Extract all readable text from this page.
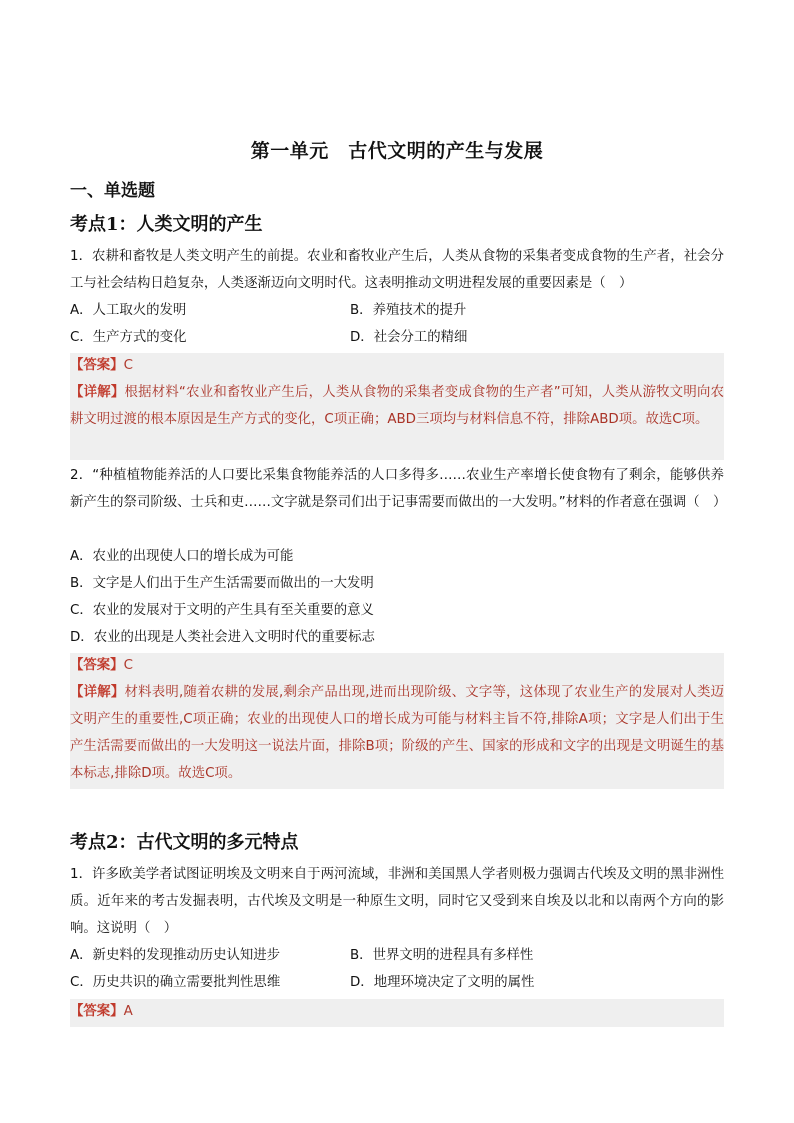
第一单元　古代文明的产生与发展
一、单选题
考点1：人类文明的产生
1．农耕和畜牧是人类文明产生的前提。农业和畜牧业产生后，人类从食物的采集者变成食物的生产者，社会分工与社会结构日趋复杂，人类逐渐迈向文明时代。这表明推动文明进程发展的重要因素是（　）
A．人工取火的发明	B．养殖技术的提升
C．生产方式的变化	D．社会分工的精细
【答案】C
【详解】根据材料“农业和畜牧业产生后，人类从食物的采集者变成食物的生产者”可知，人类从游牧文明向农耕文明过渡的根本原因是生产方式的变化，C项正确；ABD三项均与材料信息不符，排除ABD项。故选C项。
2．“种植植物能养活的人口要比采集食物能养活的人口多得多……农业生产率增长使食物有了剩余，能够供养新产生的祭司阶级、士兵和吏……文字就是祭司们出于记事需要而做出的一大发明。”材料的作者意在强调（　）
A．农业的出现使人口的增长成为可能
B．文字是人们出于生产生活需要而做出的一大发明
C．农业的发展对于文明的产生具有至关重要的意义
D．农业的出现是人类社会进入文明时代的重要标志
【答案】C
【详解】材料表明,随着农耕的发展,剩余产品出现,进而出现阶级、文字等，这体现了农业生产的发展对人类迈文明产生的重要性,C项正确；农业的出现使人口的增长成为可能与材料主旨不符,排除A项；文字是人们出于生产生活需要而做出的一大发明这一说法片面，排除B项；阶级的产生、国家的形成和文字的出现是文明诞生的基本标志,排除D项。故选C项。
考点2：古代文明的多元特点
1．许多欧美学者试图证明埃及文明来自于两河流域，非洲和美国黑人学者则极力强调古代埃及文明的黑非洲性质。近年来的考古发掘表明，古代埃及文明是一种原生文明，同时它又受到来自埃及以北和以南两个方向的影响。这说明（　）
A．新史料的发现推动历史认知进步	B．世界文明的进程具有多样性
C．历史共识的确立需要批判性思维	D．地理环境决定了文明的属性
【答案】A
